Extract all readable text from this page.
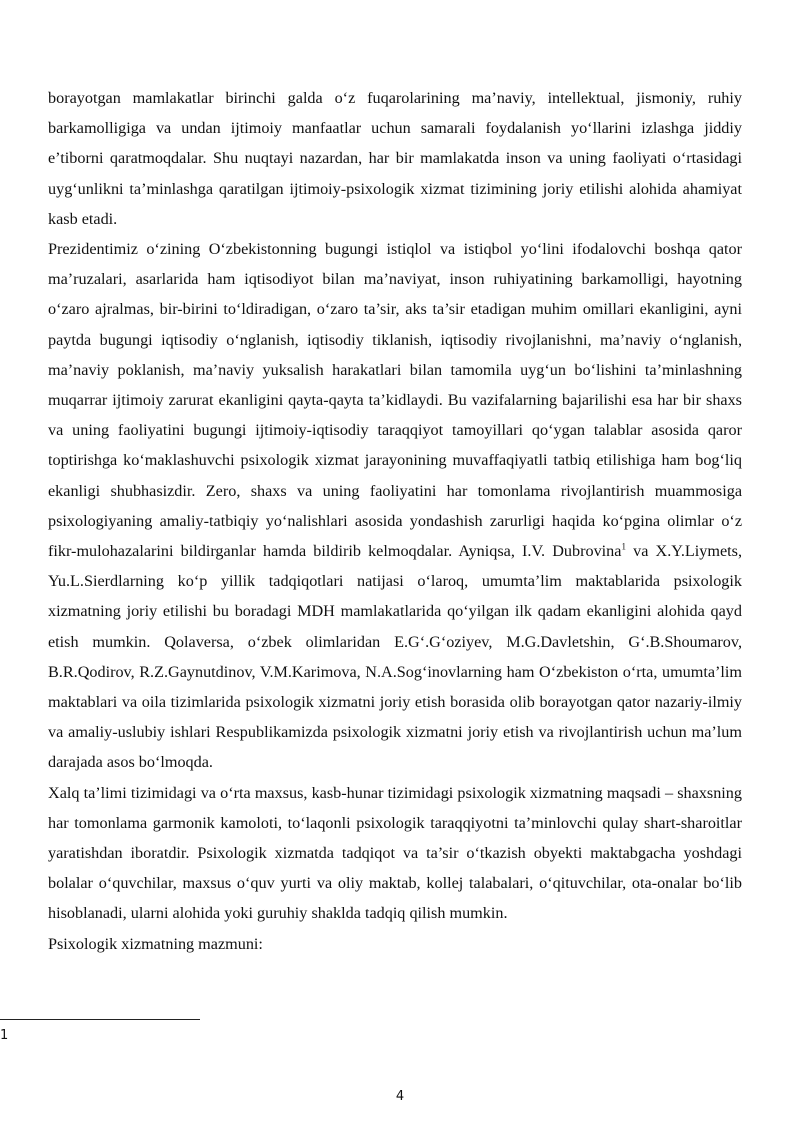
borayotgan mamlakatlar birinchi galda o‘z fuqarolarining ma’naviy, intellektual, jismoniy, ruhiy barkamolligiga va undan ijtimoiy manfaatlar uchun samarali foydalanish yo‘llarini izlashga jiddiy e’tiborni qaratmoqdalar. Shu nuqtayi nazardan, har bir mamlakatda inson va uning faoliyati o‘rtasidagi uyg‘unlikni ta’minlashga qaratilgan ijtimoiy-psixologik xizmat tizimining joriy etilishi alohida ahamiyat kasb etadi.

Prezidentimiz o‘zining O‘zbekistonning bugungi istiqlol va istiqbol yo‘lini ifodalovchi boshqa qator ma’ruzalari, asarlarida ham iqtisodiyot bilan ma’naviyat, inson ruhiyatining barkamolligi, hayotning o‘zaro ajralmas, bir-birini to‘ldiradigan, o‘zaro ta’sir, aks ta’sir etadigan muhim omillari ekanligini, ayni paytda bugungi iqtisodiy o‘nglanish, iqtisodiy tiklanish, iqtisodiy rivojlanishni, ma’naviy o‘nglanish, ma’naviy poklanish, ma’naviy yuksalish harakatlari bilan tamomila uyg‘un bo‘lishini ta’minlashning muqarrar ijtimoiy zarurat ekanligini qayta-qayta ta’kidlaydi. Bu vazifalarning bajarilishi esa har bir shaxs va uning faoliyatini bugungi ijtimoiy-iqtisodiy taraqqiyot tamoyillari qo‘ygan talablar asosida qaror toptirishga ko‘maklashuvchi psixologik xizmat jarayonining muvaffaqiyatli tatbiq etilishiga ham bog‘liq ekanligi shubhasizdir. Zero, shaxs va uning faoliyatini har tomonlama rivojlantirish muammosiga psixologiyaning amaliy-tatbiqiy yo‘nalishlari asosida yondashish zarurligi haqida ko‘pgina olimlar o‘z fikr-mulohazalarini bildirganlar hamda bildirib kelmoqdalar. Ayniqsa, I.V. Dubrovina$^1$ va X.Y.Liymets, Yu.L.Sierdlarning ko‘p yillik tadqiqotlari natijasi o‘laroq, umumta’lim maktablarida psixologik xizmatning joriy etilishi bu boradagi MDH mamlakatlarida qo‘yilgan ilk qadam ekanligini alohida qayd etish mumkin. Qolaversa, o‘zbek olimlaridan E.G‘.G‘oziyev, M.G.Davletshin, G‘.B.Shoumarov, B.R.Qodirov, R.Z.Gaynutdinov, V.M.Karimova, N.A.Sog‘inovlarning ham O‘zbekiston o‘rta, umumta’lim maktablari va oila tizimlarida psixologik xizmatni joriy etish borasida olib borayotgan qator nazariy-ilmiy va amaliy-uslubiy ishlari Respublikamizda psixologik xizmatni joriy etish va rivojlantirish uchun ma’lum darajada asos bo‘lmoqda.

Xalq ta’limi tizimidagi va o‘rta maxsus, kasb-hunar tizimidagi psixologik xizmatning maqsadi – shaxsning har tomonlama garmonik kamoloti, to‘laqonli psixologik taraqqiyotni ta’minlovchi qulay shart-sharoitlar yaratishdan iboratdir. Psixologik xizmatda tadqiqot va ta’sir o‘tkazish obyekti maktabgacha yoshdagi bolalar o‘quvchilar, maxsus o‘quv yurti va oliy maktab, kollej talabalari, o‘qituvchilar, ota-onalar bo‘lib hisoblanadi, ularni alohida yoki guruhiy shaklda tadqiq qilish mumkin.

Psixologik xizmatning mazmuni:

1
4
